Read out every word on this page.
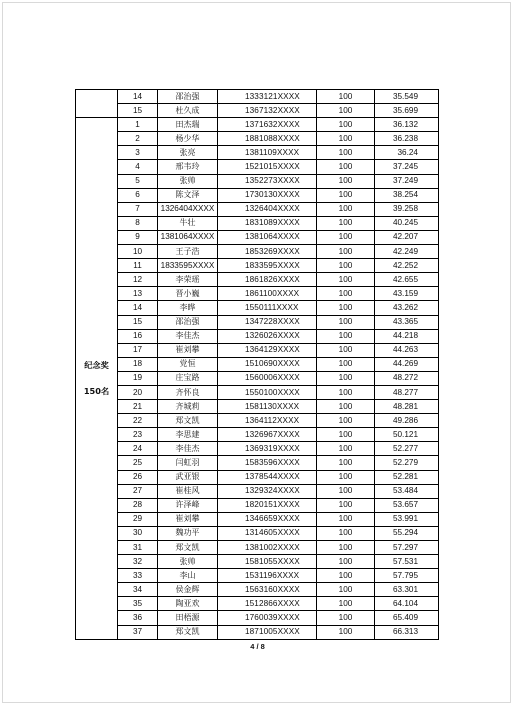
	14	邵治强	1333121XXXX	100	35.549
	15	杜久成	1367132XXXX	100	35.699

纪念奖
150名	1	田杰瑞	1371632XXXX	100	36.132
	2	杨少华	1881088XXXX	100	36.238
	3	张亮	1381109XXXX	100	36.24
	4	邢韦玲	1521015XXXX	100	37.245
	5	张帅	1352273XXXX	100	37.249
	6	陈文泽	1730130XXXX	100	38.254
	7	1326404XXXX	1326404XXXX	100	39.258
	8	牛壮	1831089XXXX	100	40.245
	9	1381064XXXX	1381064XXXX	100	42.207
	10	王子浩	1853269XXXX	100	42.249
	11	1833595XXXX	1833595XXXX	100	42.252
	12	李荣瑶	1861826XXXX	100	42.655
	13	晋小巍	1861100XXXX	100	43.159
	14	李晔	1550111XXXX	100	43.262
	15	邵治强	1347228XXXX	100	43.365
	16	李佳杰	1326026XXXX	100	44.218
	17	崔刘攀	1364129XXXX	100	44.263
	18	党恒	1510690XXXX	100	44.269
	19	庄宝路	1560006XXXX	100	48.272
	20	齐怀良	1550100XXXX	100	48.277
	21	齐城莉	1581130XXXX	100	48.281
	22	郑文凯	1364112XXXX	100	49.286
	23	李思建	1326967XXXX	100	50.121
	24	李佳杰	1369319XXXX	100	52.277
	25	闫虹羽	1583596XXXX	100	52.279
	26	武亚银	1378544XXXX	100	52.281
	27	崔桂风	1329324XXXX	100	53.484
	28	许泽峰	1820151XXXX	100	53.657
	29	崔刘攀	1346659XXXX	100	53.991
	30	魏功平	1314605XXXX	100	55.294
	31	郑文凯	1381002XXXX	100	57.297
	32	张帅	1581055XXXX	100	57.531
	33	李山	1531196XXXX	100	57.795
	34	侯金辉	1563160XXXX	100	63.301
	35	陶亚欢	1512866XXXX	100	64.104
	36	田梧源	1760039XXXX	100	65.409
	37	郑文凯	1871005XXXX	100	66.313
4 / 8
